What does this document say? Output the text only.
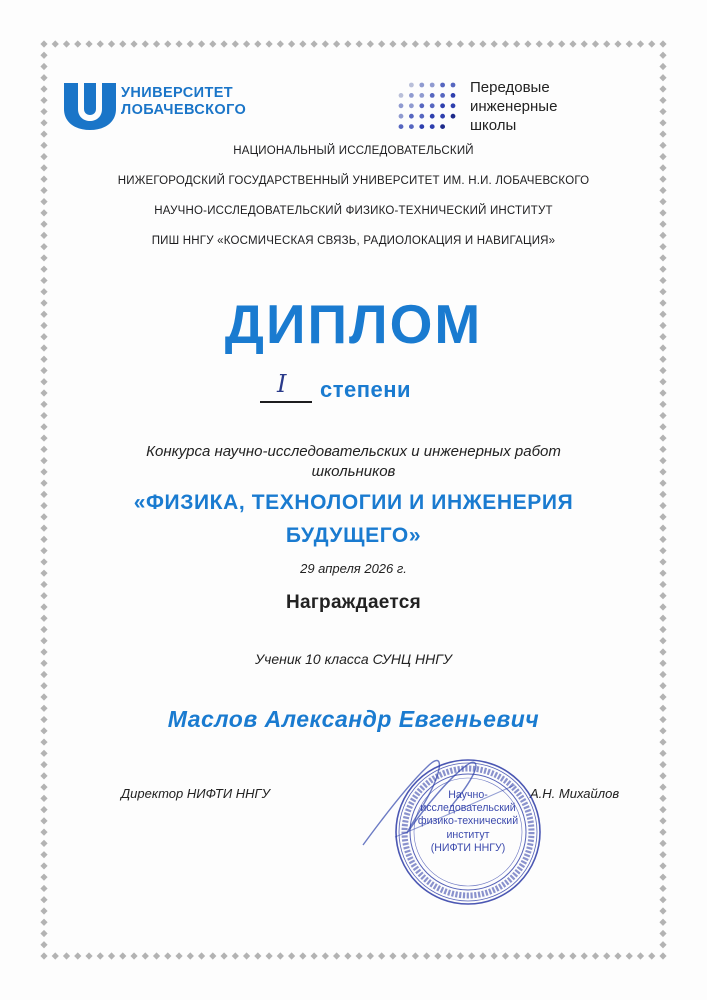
УНИВЕРСИТЕТ
ЛОБАЧЕВСКОГО
Передовые
инженерные
школы
НАЦИОНАЛЬНЫЙ ИССЛЕДОВАТЕЛЬСКИЙ
НИЖЕГОРОДСКИЙ ГОСУДАРСТВЕННЫЙ УНИВЕРСИТЕТ ИМ. Н.И. ЛОБАЧЕВСКОГО
НАУЧНО-ИССЛЕДОВАТЕЛЬСКИЙ ФИЗИКО-ТЕХНИЧЕСКИЙ ИНСТИТУТ
ПИШ ННГУ «КОСМИЧЕСКАЯ СВЯЗЬ, РАДИОЛОКАЦИЯ И НАВИГАЦИЯ»
ДИПЛОМ
I степени
Конкурса научно-исследовательских и инженерных работ
школьников
«ФИЗИКА, ТЕХНОЛОГИИ И ИНЖЕНЕРИЯ
БУДУЩЕГО»
29 апреля 2026 г.
Награждается
Ученик 10 класса СУНЦ ННГУ
Маслов Александр Евгеньевич
Директор НИФТИ ННГУ	А.Н. Михайлов
Научно-
исследовательский
физико-технический
институт
(НИФТИ ННГУ)
